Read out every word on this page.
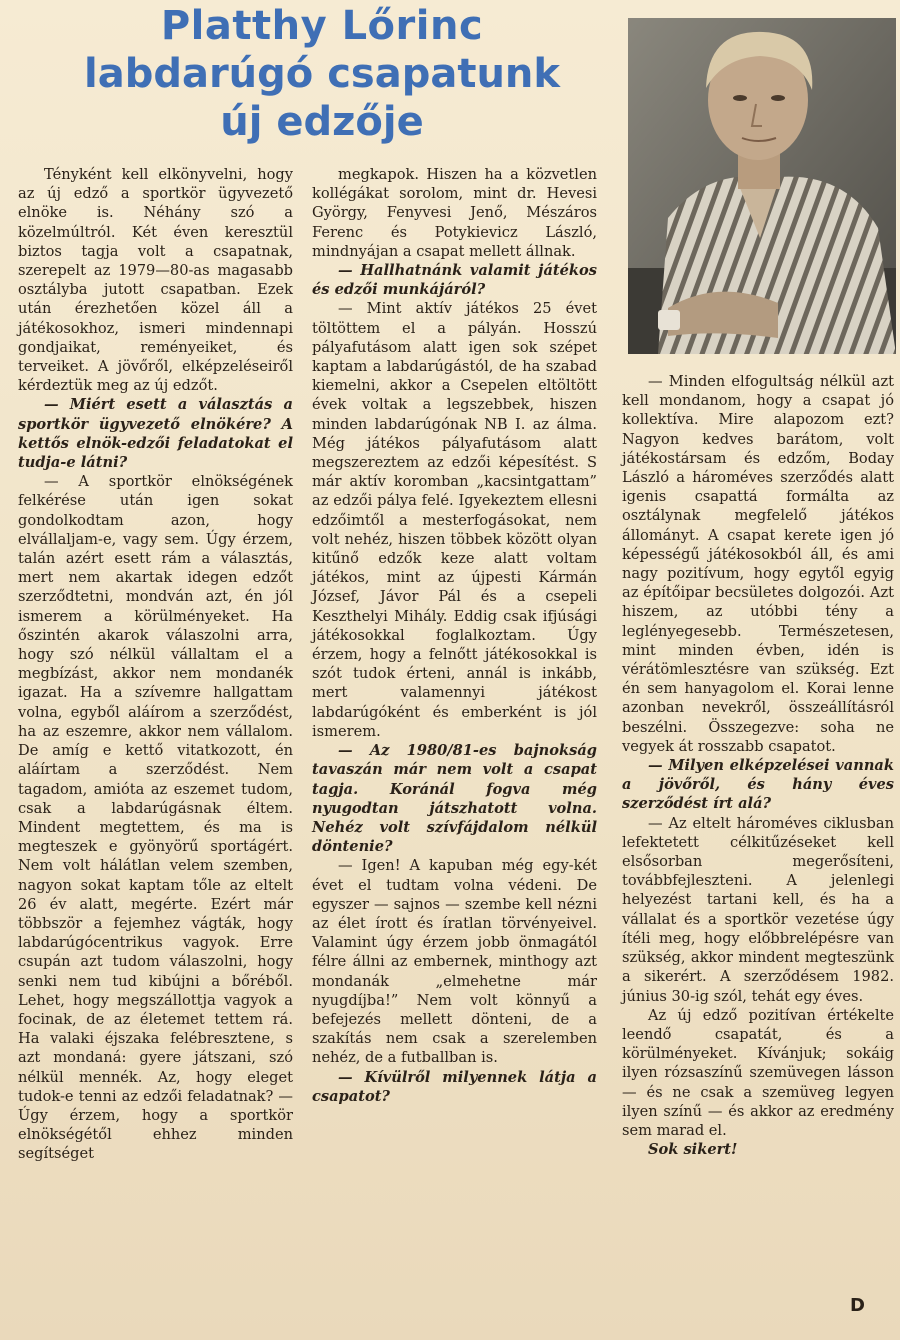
Platthy Lőrinc
labdarúgó csapatunk
új edzője

Tényként kell elkönyvelni, hogy az új edző a sportkör ügyvezető elnöke is. Néhány szó a közelmúltról. Két éven keresztül biztos tagja volt a csapatnak, szerepelt az 1979—80-as magasabb osztályba jutott csapatban. Ezek után érezhetően közel áll a játékosokhoz, ismeri mindennapi gondjaikat, reményeiket, és terveiket. A jövőről, elképzeléseiről kérdeztük meg az új edzőt.

— Miért esett a választás a sportkör ügyvezető elnökére? A kettős elnök-edzői feladatokat el tudja-e látni?

— A sportkör elnökségének felkérése után igen sokat gondolkodtam azon, hogy elvállaljam-e, vagy sem. Úgy érzem, talán azért esett rám a választás, mert nem akartak idegen edzőt szerződtetni, mondván azt, én jól ismerem a körülményeket. Ha őszintén akarok válaszolni arra, hogy szó nélkül vállaltam el a megbízást, akkor nem mondanék igazat. Ha a szívemre hallgattam volna, egyből aláírom a szerződést, ha az eszemre, akkor nem vállalom. De amíg e kettő vitatkozott, én aláírtam a szerződést. Nem tagadom, amióta az eszemet tudom, csak a labdarúgásnak éltem. Mindent megtettem, és ma is megteszek e gyönyörű sportágért. Nem volt hálátlan velem szemben, nagyon sokat kaptam tőle az eltelt 26 év alatt, megérte. Ezért már többször a fejemhez vágták, hogy labdarúgócentrikus vagyok. Erre csupán azt tudom válaszolni, hogy senki nem tud kibújni a bőréből. Lehet, hogy megszállottja vagyok a focinak, de az életemet tettem rá. Ha valaki éjszaka felébresztene, s azt mondaná: gyere játszani, szó nélkül mennék. Az, hogy eleget tudok-e tenni az edzői feladatnak? — Úgy érzem, hogy a sportkör elnökségétől ehhez minden segítséget

megkapok. Hiszen ha a közvetlen kollégákat sorolom, mint dr. Hevesi György, Fenyvesi Jenő, Mészáros Ferenc és Potykievicz László, mindnyájan a csapat mellett állnak.

— Hallhatnánk valamit játékos és edzői munkájáról?

— Mint aktív játékos 25 évet töltöttem el a pályán. Hosszú pályafutásom alatt igen sok szépet kaptam a labdarúgástól, de ha szabad kiemelni, akkor a Csepelen eltöltött évek voltak a legszebbek, hiszen minden labdarúgónak NB I. az álma. Még játékos pályafutásom alatt megszereztem az edzői képesítést. S már aktív koromban „kacsintgattam” az edzői pálya felé. Igyekeztem ellesni edzőimtől a mesterfogásokat, nem volt nehéz, hiszen többek között olyan kitűnő edzők keze alatt voltam játékos, mint az újpesti Kármán József, Jávor Pál és a csepeli Keszthelyi Mihály. Eddig csak ifjúsági játékosokkal foglalkoztam. Úgy érzem, hogy a felnőtt játékosokkal is szót tudok érteni, annál is inkább, mert valamennyi játékost labdarúgóként és emberként is jól ismerem.

— Az 1980/81-es bajnokság tavaszán már nem volt a csapat tagja. Koránál fogva még nyugodtan játszhatott volna. Nehéz volt szívfájdalom nélkül döntenie?

— Igen! A kapuban még egy-két évet el tudtam volna védeni. De egyszer — sajnos — szembe kell nézni az élet írott és íratlan törvényeivel. Valamint úgy érzem jobb önmagától félre állni az embernek, minthogy azt mondanák „elmehetne már nyugdíjba!” Nem volt könnyű a befejezés mellett dönteni, de a szakítás nem csak a szerelemben nehéz, de a futballban is.

— Kívülről milyennek látja a csapatot?

— Minden elfogultság nélkül azt kell mondanom, hogy a csapat jó kollektíva. Mire alapozom ezt? Nagyon kedves barátom, volt játékostársam és edzőm, Boday László a hároméves szerződés alatt igenis csapattá formálta az osztálynak megfelelő játékos állományt. A csapat kerete igen jó képességű játékosokból áll, és ami nagy pozitívum, hogy egytől egyig az építőipar becsületes dolgozói. Azt hiszem, az utóbbi tény a leglényegesebb. Természetesen, mint minden évben, idén is vérátömlesztésre van szükség. Ezt én sem hanyagolom el. Korai lenne azonban nevekről, összeállításról beszélni. Összegezve: soha ne vegyek át rosszabb csapatot.

— Milyen elképzelései vannak a jövőről, és hány éves szerződést írt alá?

— Az eltelt hároméves ciklusban lefektetett célkitűzéseket kell elsősorban megerősíteni, továbbfejleszteni. A jelenlegi helyezést tartani kell, és ha a vállalat és a sportkör vezetése úgy ítéli meg, hogy előbbrelépésre van szükség, akkor mindent megteszünk a sikerért. A szerződésem 1982. június 30-ig szól, tehát egy éves.

Az új edző pozitívan értékelte leendő csapatát, és a körülményeket. Kívánjuk; sokáig ilyen rózsaszínű szemüvegen lásson — és ne csak a szemüveg legyen ilyen színű — és akkor az eredmény sem marad el.

Sok sikert!

D
